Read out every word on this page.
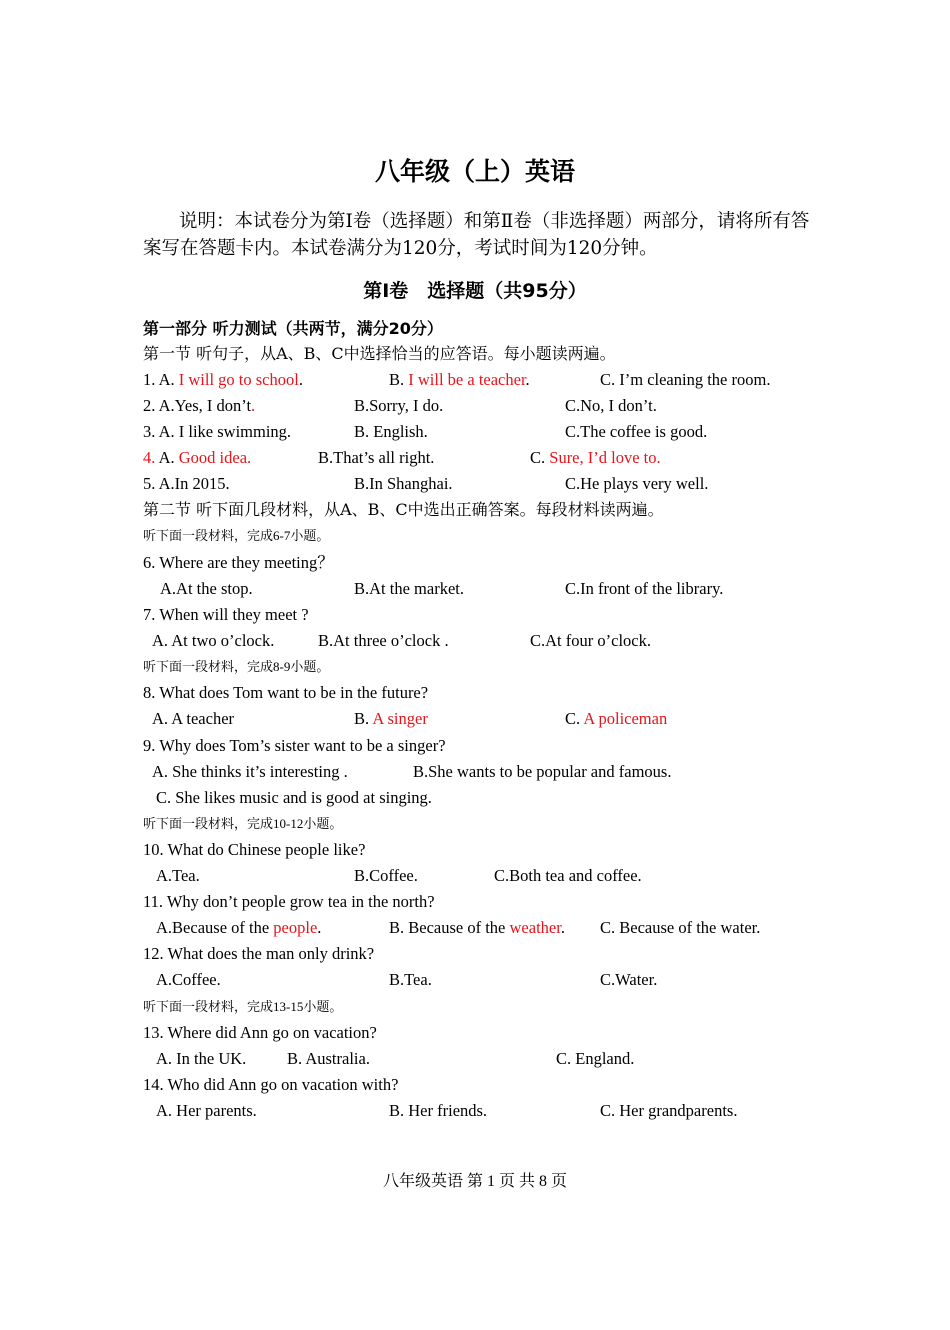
八年级（上）英语
说明：本试卷分为第Ⅰ卷（选择题）和第Ⅱ卷（非选择题）两部分，请将所有答案写在答题卡内。本试卷满分为120分，考试时间为120分钟。
第Ⅰ卷　选择题（共95分）
第一部分 听力测试（共两节，满分20分）
第一节 听句子，从A、B、C中选择恰当的应答语。每小题读两遍。
1. A. I will go to school.	B. I will be a teacher.	C. I’m cleaning the room.
2. A.Yes, I don’t.	B.Sorry, I do.	C.No, I don’t.
3. A. I like swimming.	B. English.	C.The coffee is good.
4. A. Good idea.	B.That’s all right.	C. Sure, I’d love to.
5. A.In 2015.	B.In Shanghai.	C.He plays very well.
第二节 听下面几段材料，从A、B、C中选出正确答案。每段材料读两遍。
听下面一段材料，完成6-7小题。
6. Where are they meeting？
A.At the stop.	B.At the market.	C.In front of the library.
7. When will they meet ?
A. At two o’clock.	B.At three o’clock .	C.At four o’clock.
听下面一段材料，完成8-9小题。
8. What does Tom want to be in the future?
A. A teacher	B. A singer	C. A policeman
9. Why does Tom’s sister want to be a singer?
A. She thinks it’s interesting .	B.She wants to be popular and famous.
C. She likes music and is good at singing.
听下面一段材料，完成10-12小题。
10. What do Chinese people like?
A.Tea.	B.Coffee.	C.Both tea and coffee.
11. Why don’t people grow tea in the north?
A.Because of the people.	B. Because of the weather. C. Because of the water.
12. What does the man only drink?
A.Coffee.	B.Tea.	C.Water.
听下面一段材料，完成13-15小题。
13. Where did Ann go on vacation?
A. In the UK. B. Australia.	C. England.
14. Who did Ann go on vacation with?
A. Her parents.	B. Her friends.	C. Her grandparents.
八年级英语 第 1 页 共 8 页
